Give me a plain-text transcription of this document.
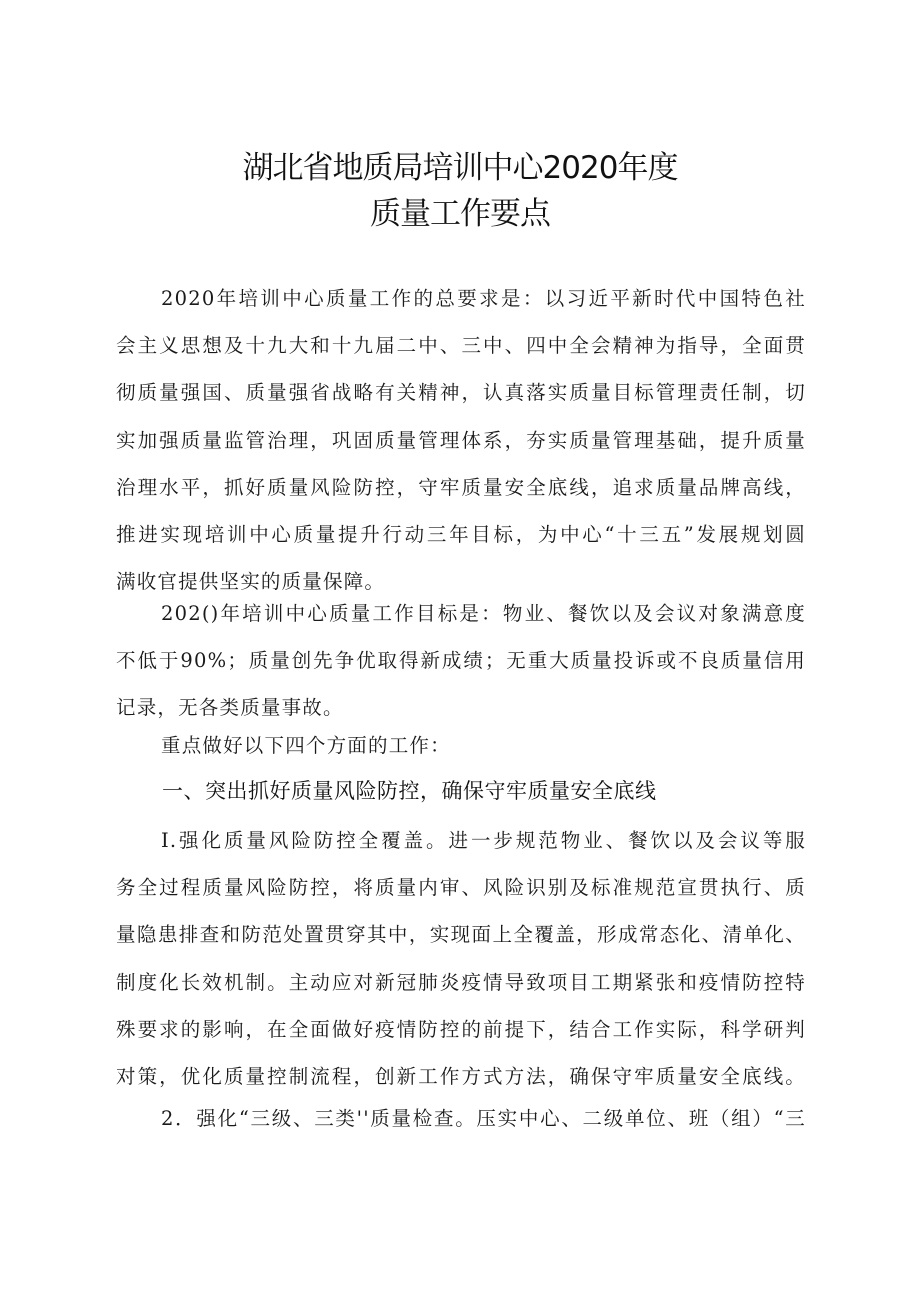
湖北省地质局培训中心2020年度
质量工作要点
2020年培训中心质量工作的总要求是：以习近平新时代中国特色社
会主义思想及十九大和十九届二中、三中、四中全会精神为指导，全面贯
彻质量强国、质量强省战略有关精神，认真落实质量目标管理责任制，切
实加强质量监管治理，巩固质量管理体系，夯实质量管理基础，提升质量
治理水平，抓好质量风险防控，守牢质量安全底线，追求质量品牌高线，
推进实现培训中心质量提升行动三年目标，为中心“十三五”发展规划圆
满收官提供坚实的质量保障。
202()年培训中心质量工作目标是：物业、餐饮以及会议对象满意度
不低于90%；质量创先争优取得新成绩；无重大质量投诉或不良质量信用
记录，无各类质量事故。
重点做好以下四个方面的工作：
一、突出抓好质量风险防控，确保守牢质量安全底线
I.强化质量风险防控全覆盖。进一步规范物业、餐饮以及会议等服
务全过程质量风险防控，将质量内审、风险识别及标准规范宣贯执行、质
量隐患排查和防范处置贯穿其中，实现面上全覆盖，形成常态化、清单化、
制度化长效机制。主动应对新冠肺炎疫情导致项目工期紧张和疫情防控特
殊要求的影响，在全面做好疫情防控的前提下，结合工作实际，科学研判
对策，优化质量控制流程，创新工作方式方法，确保守牢质量安全底线。
2．强化“三级、三类''质量检查。压实中心、二级单位、班（组）“三
